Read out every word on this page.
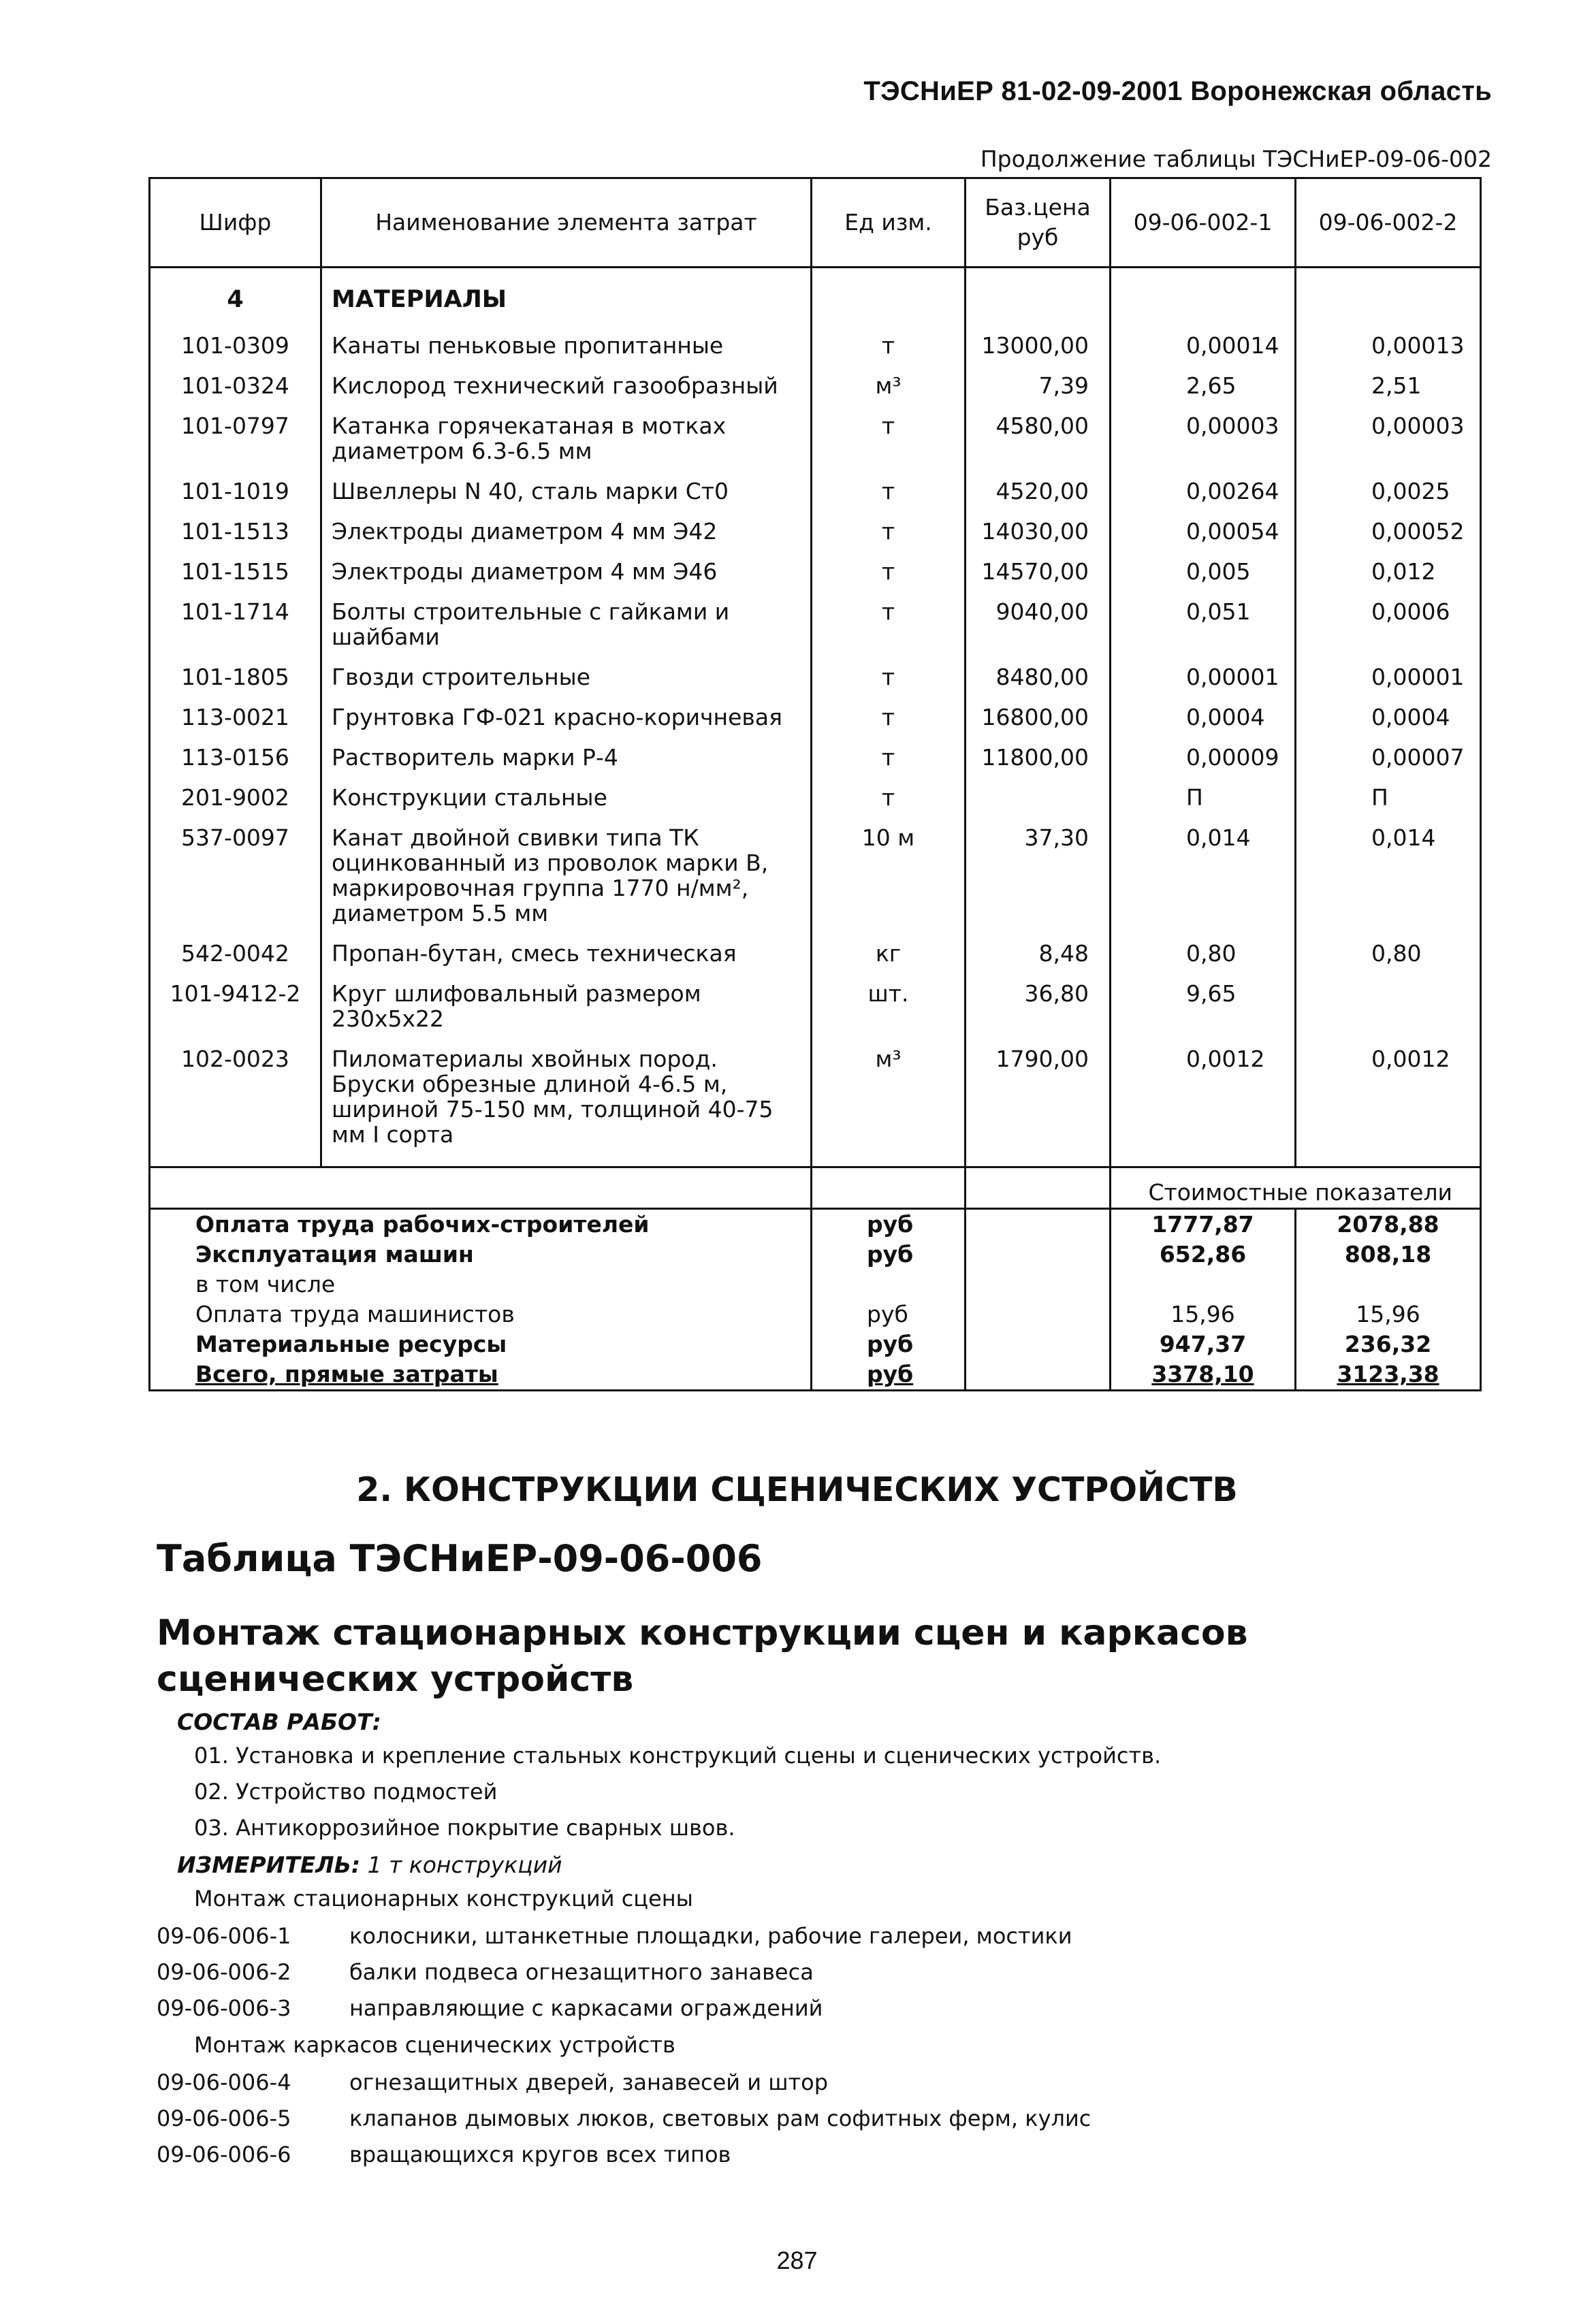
ТЭСНиЕР 81-02-09-2001 Воронежская область
Продолжение таблицы ТЭСНиЕР-09-06-002
Шифр	Наименование элемента затрат	Ед изм.	Баз.цена руб	09-06-002-1	09-06-002-2
4	МАТЕРИАЛЫ				
101-0309	Канаты пеньковые пропитанные	т	13000,00	0,00014	0,00013
101-0324	Кислород технический газообразный	м³	7,39	2,65	2,51
101-0797	Катанка горячекатаная в мотках диаметром 6.3-6.5 мм	т	4580,00	0,00003	0,00003
101-1019	Швеллеры N 40, сталь марки Ст0	т	4520,00	0,00264	0,0025
101-1513	Электроды диаметром 4 мм Э42	т	14030,00	0,00054	0,00052
101-1515	Электроды диаметром 4 мм Э46	т	14570,00	0,005	0,012
101-1714	Болты строительные с гайками и шайбами	т	9040,00	0,051	0,0006
101-1805	Гвозди строительные	т	8480,00	0,00001	0,00001
113-0021	Грунтовка ГФ-021 красно-коричневая	т	16800,00	0,0004	0,0004
113-0156	Растворитель марки Р-4	т	11800,00	0,00009	0,00007
201-9002	Конструкции стальные	т		П	П
537-0097	Канат двойной свивки типа ТК оцинкованный из проволок марки В, маркировочная группа 1770 н/мм², диаметром 5.5 мм	10 м	37,30	0,014	0,014
542-0042	Пропан-бутан, смесь техническая	кг	8,48	0,80	0,80
101-9412-2	Круг шлифовальный размером 230х5х22	шт.	36,80	9,65	
102-0023	Пиломатериалы хвойных пород. Бруски обрезные длиной 4-6.5 м, шириной 75-150 мм, толщиной 40-75 мм I сорта	м³	1790,00	0,0012	0,0012
			Стоимостные показатели	
Оплата труда рабочих-строителей	руб		1777,87	2078,88
Эксплуатация машин	руб		652,86	808,18
в том числе				
Оплата труда машинистов	руб		15,96	15,96
Материальные ресурсы	руб		947,37	236,32
Всего, прямые затраты	руб		3378,10	3123,38
2. КОНСТРУКЦИИ СЦЕНИЧЕСКИХ УСТРОЙСТВ
Таблица ТЭСНиЕР-09-06-006
Монтаж стационарных конструкции сцен и каркасов сценических устройств
СОСТАВ РАБОТ:
01. Установка и крепление стальных конструкций сцены и сценических устройств.
02. Устройство подмостей
03. Антикоррозийное покрытие сварных швов.
ИЗМЕРИТЕЛЬ: 1 т конструкций
Монтаж стационарных конструкций сцены
09-06-006-1	колосники, штанкетные площадки, рабочие галереи, мостики
09-06-006-2	балки подвеса огнезащитного занавеса
09-06-006-3	направляющие с каркасами ограждений
Монтаж каркасов сценических устройств
09-06-006-4	огнезащитных дверей, занавесей и штор
09-06-006-5	клапанов дымовых люков, световых рам софитных ферм, кулис
09-06-006-6	вращающихся кругов всех типов
287
